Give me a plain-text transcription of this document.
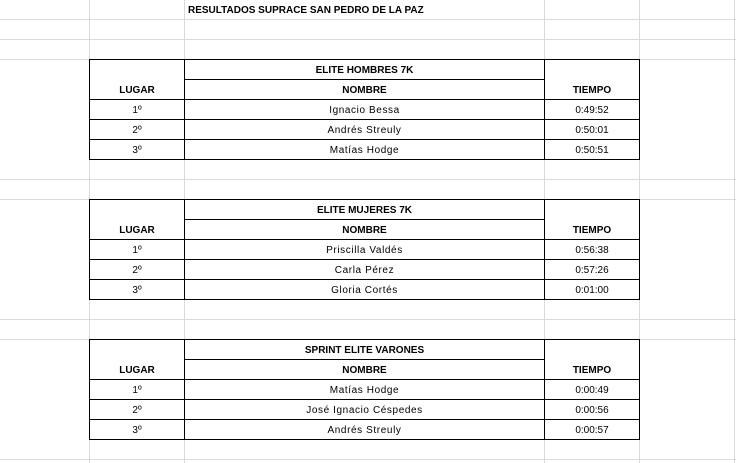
RESULTADOS SUPRACE SAN PEDRO DE LA PAZ
	ELITE HOMBRES 7K	
LUGAR	NOMBRE	TIEMPO
1º	Ignacio Bessa	0:49:52
2º	Andrés Streuly	0:50:01
3º	Matías Hodge	0:50:51
	ELITE MUJERES 7K	
LUGAR	NOMBRE	TIEMPO
1º	Priscilla Valdés	0:56:38
2º	Carla Pérez	0:57:26
3º	Gloria Cortés	0:01:00
	SPRINT ELITE VARONES	
LUGAR	NOMBRE	TIEMPO
1º	Matías Hodge	0:00:49
2º	José Ignacio Céspedes	0:00:56
3º	Andrés Streuly	0:00:57
